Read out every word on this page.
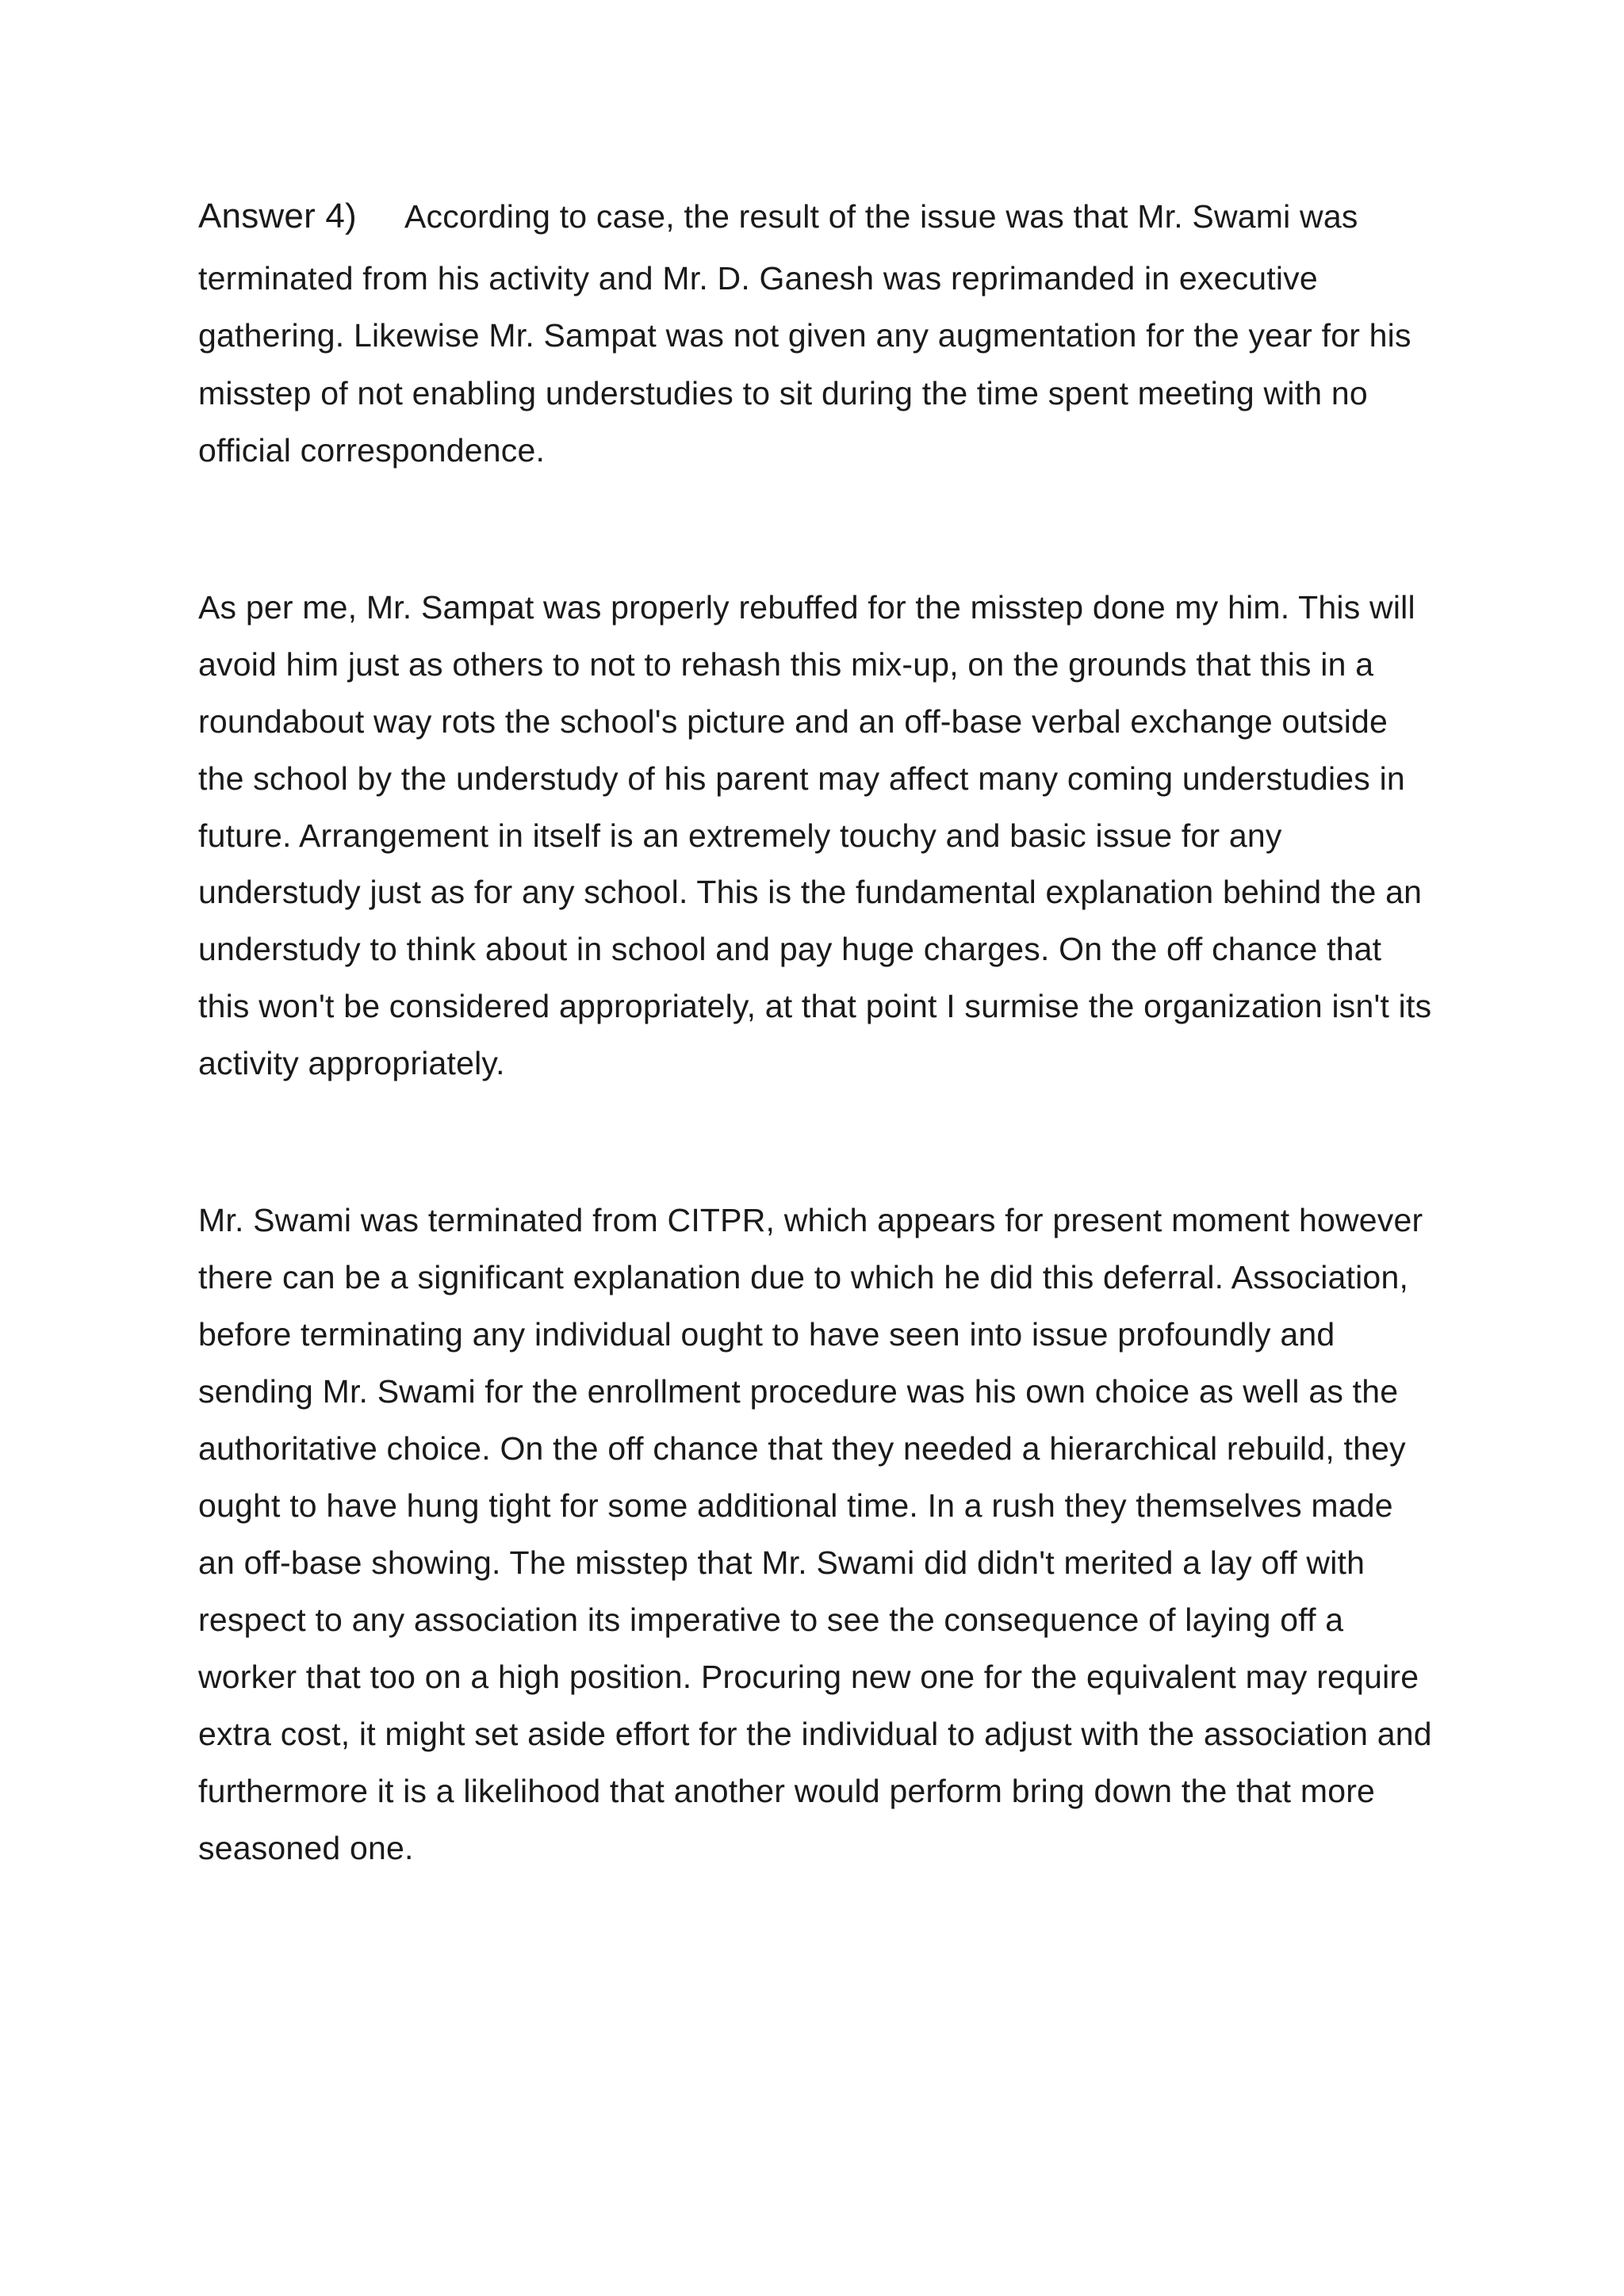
Answer 4) According to case, the result of the issue was that Mr. Swami was
terminated from his activity and Mr. D. Ganesh was reprimanded in executive
gathering. Likewise Mr. Sampat was not given any augmentation for the year for his
misstep of not enabling understudies to sit during the time spent meeting with no
official correspondence.
As per me, Mr. Sampat was properly rebuffed for the misstep done my him. This will
avoid him just as others to not to rehash this mix-up, on the grounds that this in a
roundabout way rots the school's picture and an off-base verbal exchange outside
the school by the understudy of his parent may affect many coming understudies in
future. Arrangement in itself is an extremely touchy and basic issue for any
understudy just as for any school. This is the fundamental explanation behind the an
understudy to think about in school and pay huge charges. On the off chance that
this won't be considered appropriately, at that point I surmise the organization isn't its
activity appropriately.
Mr. Swami was terminated from CITPR, which appears for present moment however
there can be a significant explanation due to which he did this deferral. Association,
before terminating any individual ought to have seen into issue profoundly and
sending Mr. Swami for the enrollment procedure was his own choice as well as the
authoritative choice. On the off chance that they needed a hierarchical rebuild, they
ought to have hung tight for some additional time. In a rush they themselves made
an off-base showing. The misstep that Mr. Swami did didn't merited a lay off with
respect to any association its imperative to see the consequence of laying off a
worker that too on a high position. Procuring new one for the equivalent may require
extra cost, it might set aside effort for the individual to adjust with the association and
furthermore it is a likelihood that another would perform bring down the that more
seasoned one.
